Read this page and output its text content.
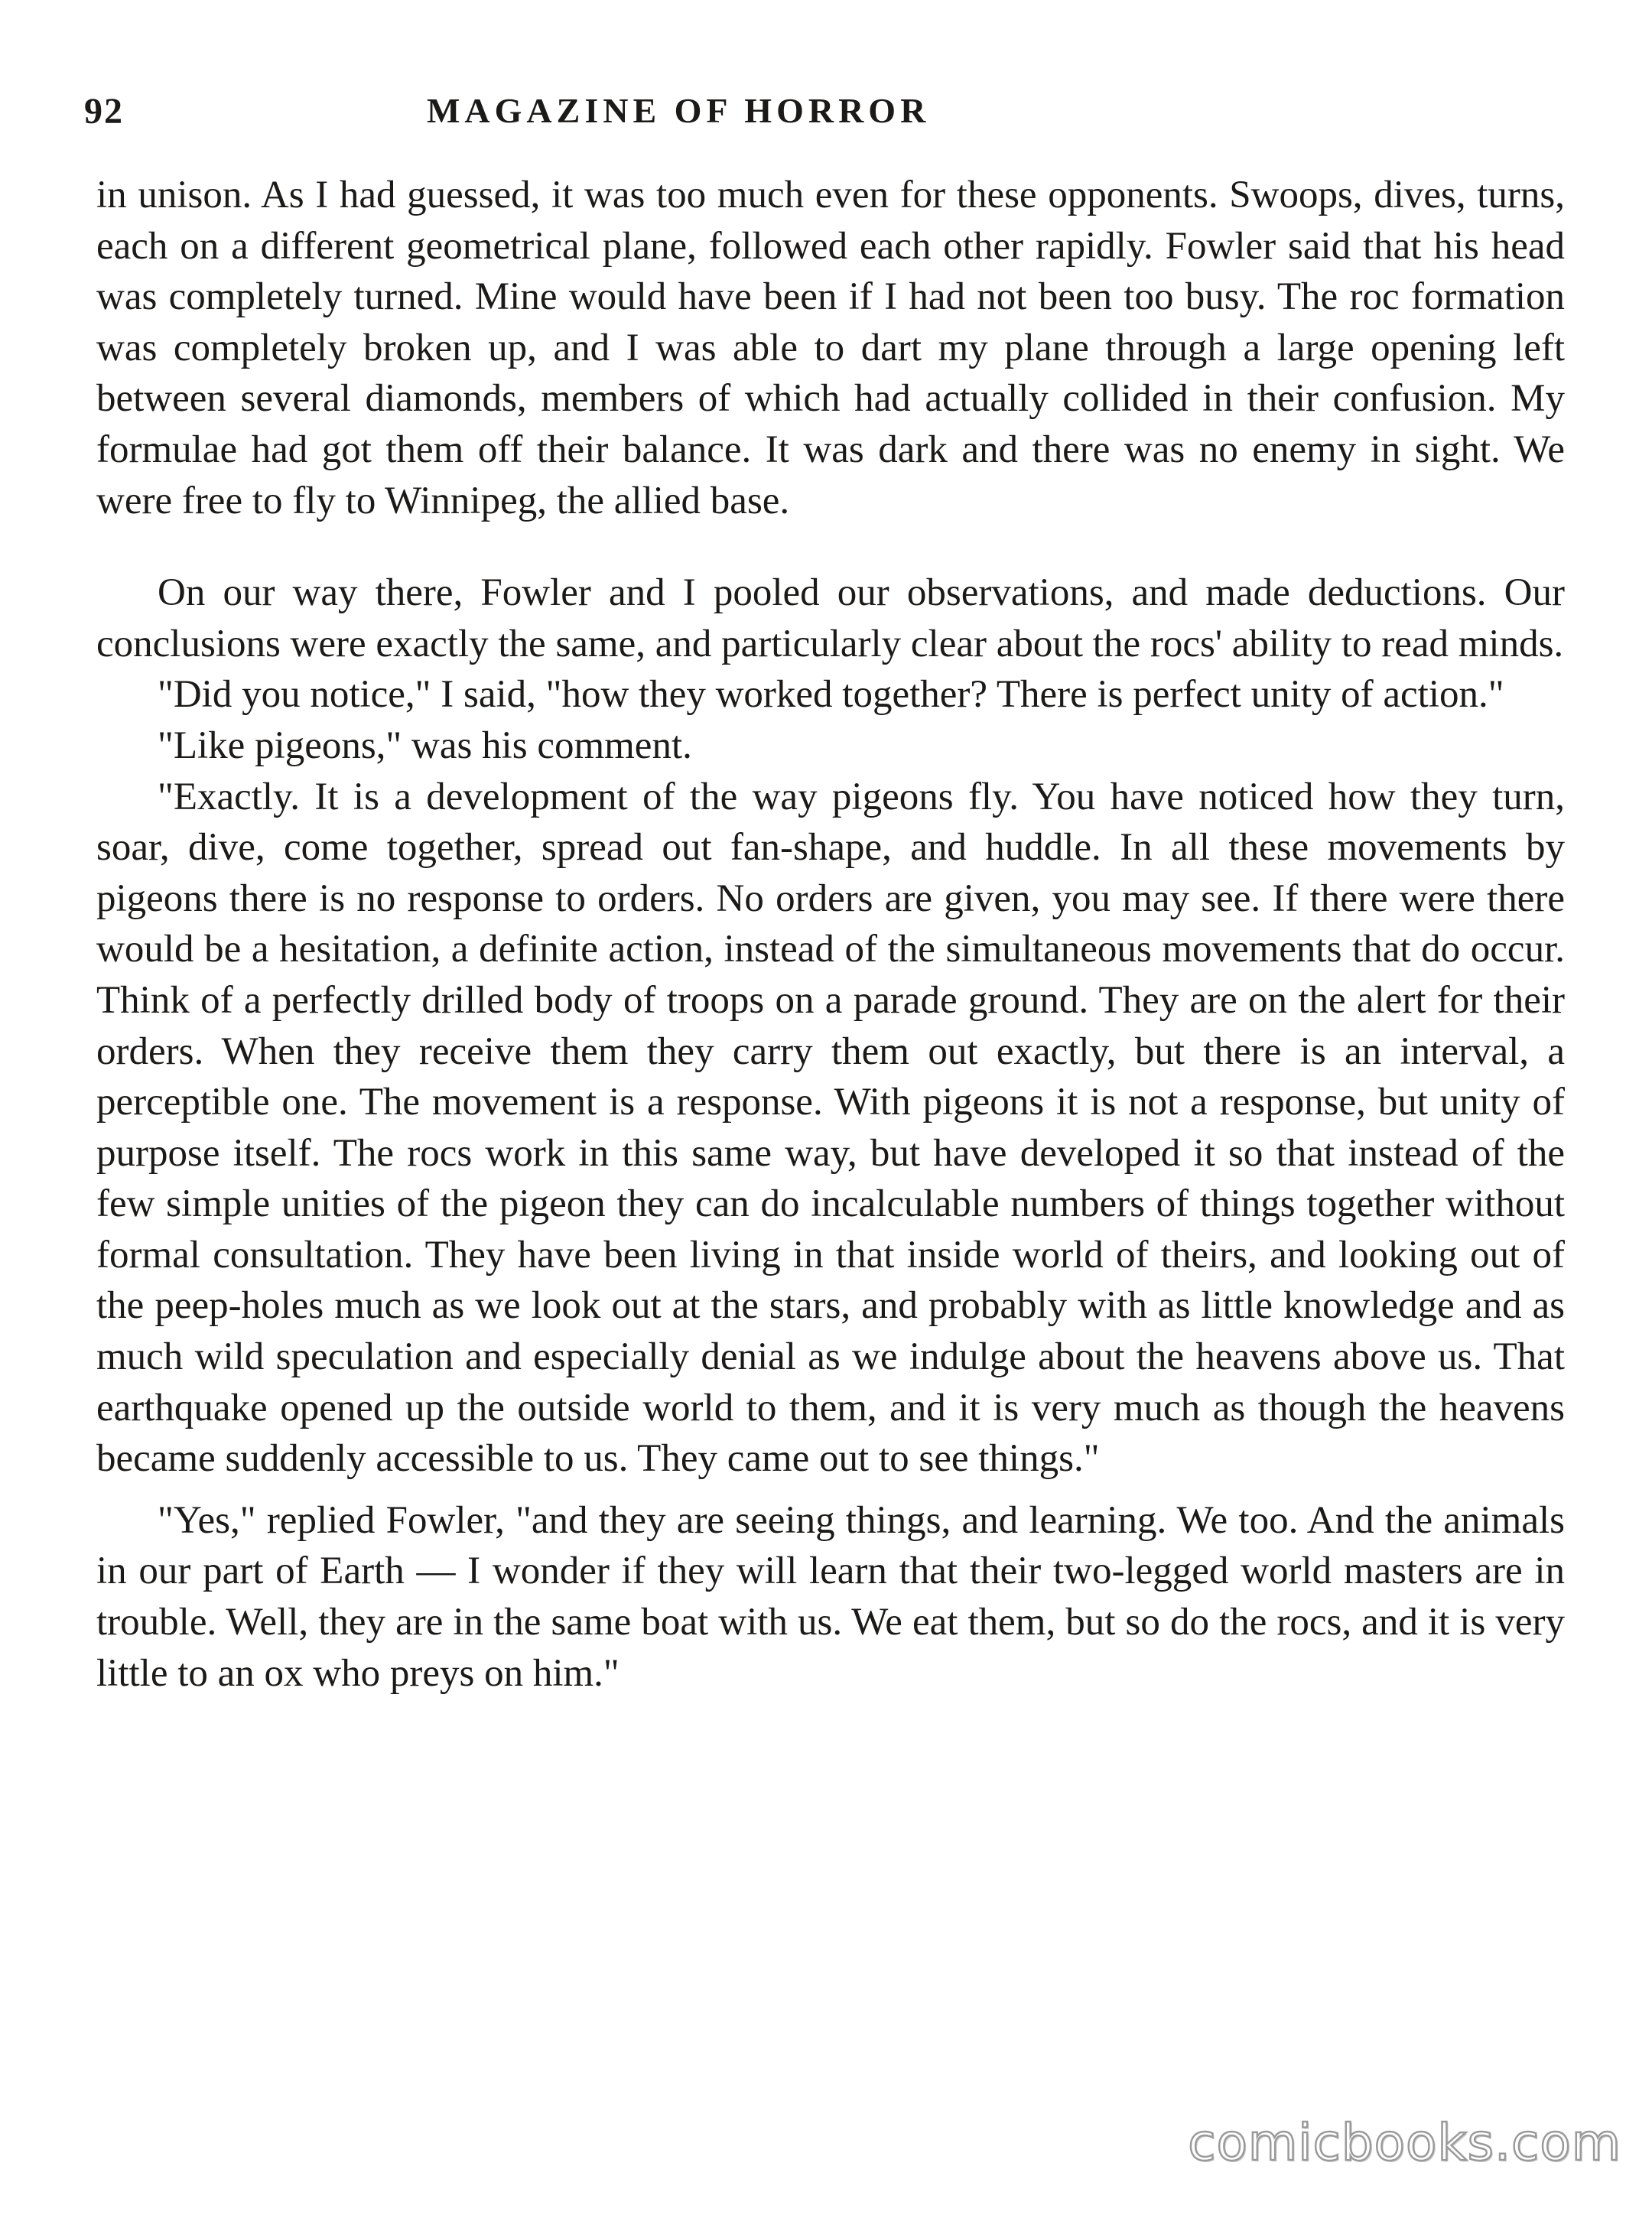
92	MAGAZINE OF HORROR

in unison. As I had guessed, it was too much even for these opponents. Swoops, dives, turns, each on a different geometrical plane, followed each other rapidly. Fowler said that his head was completely turned. Mine would have been if I had not been too busy. The roc formation was completely broken up, and I was able to dart my plane through a large opening left between several diamonds, members of which had actually collided in their confusion. My formulae had got them off their balance. It was dark and there was no enemy in sight. We were free to fly to Winnipeg, the allied base.

On our way there, Fowler and I pooled our observations, and made deductions. Our conclusions were exactly the same, and particularly clear about the rocs' ability to read minds.

"Did you notice," I said, "how they worked together? There is perfect unity of action."

"Like pigeons," was his comment.

"Exactly. It is a development of the way pigeons fly. You have noticed how they turn, soar, dive, come together, spread out fan-shape, and huddle. In all these movements by pigeons there is no response to orders. No orders are given, you may see. If there were there would be a hesitation, a definite action, instead of the simultaneous movements that do occur. Think of a perfectly drilled body of troops on a parade ground. They are on the alert for their orders. When they receive them they carry them out exactly, but there is an interval, a perceptible one. The movement is a response. With pigeons it is not a response, but unity of purpose itself. The rocs work in this same way, but have developed it so that instead of the few simple unities of the pigeon they can do incalculable numbers of things together without formal consultation. They have been living in that inside world of theirs, and looking out of the peep-holes much as we look out at the stars, and probably with as little knowledge and as much wild speculation and especially denial as we indulge about the heavens above us. That earthquake opened up the outside world to them, and it is very much as though the heavens became suddenly accessible to us. They came out to see things."

"Yes," replied Fowler, "and they are seeing things, and learning. We too. And the animals in our part of Earth — I wonder if they will learn that their two-legged world masters are in trouble. Well, they are in the same boat with us. We eat them, but so do the rocs, and it is very little to an ox who preys on him."

comicbooks.com
